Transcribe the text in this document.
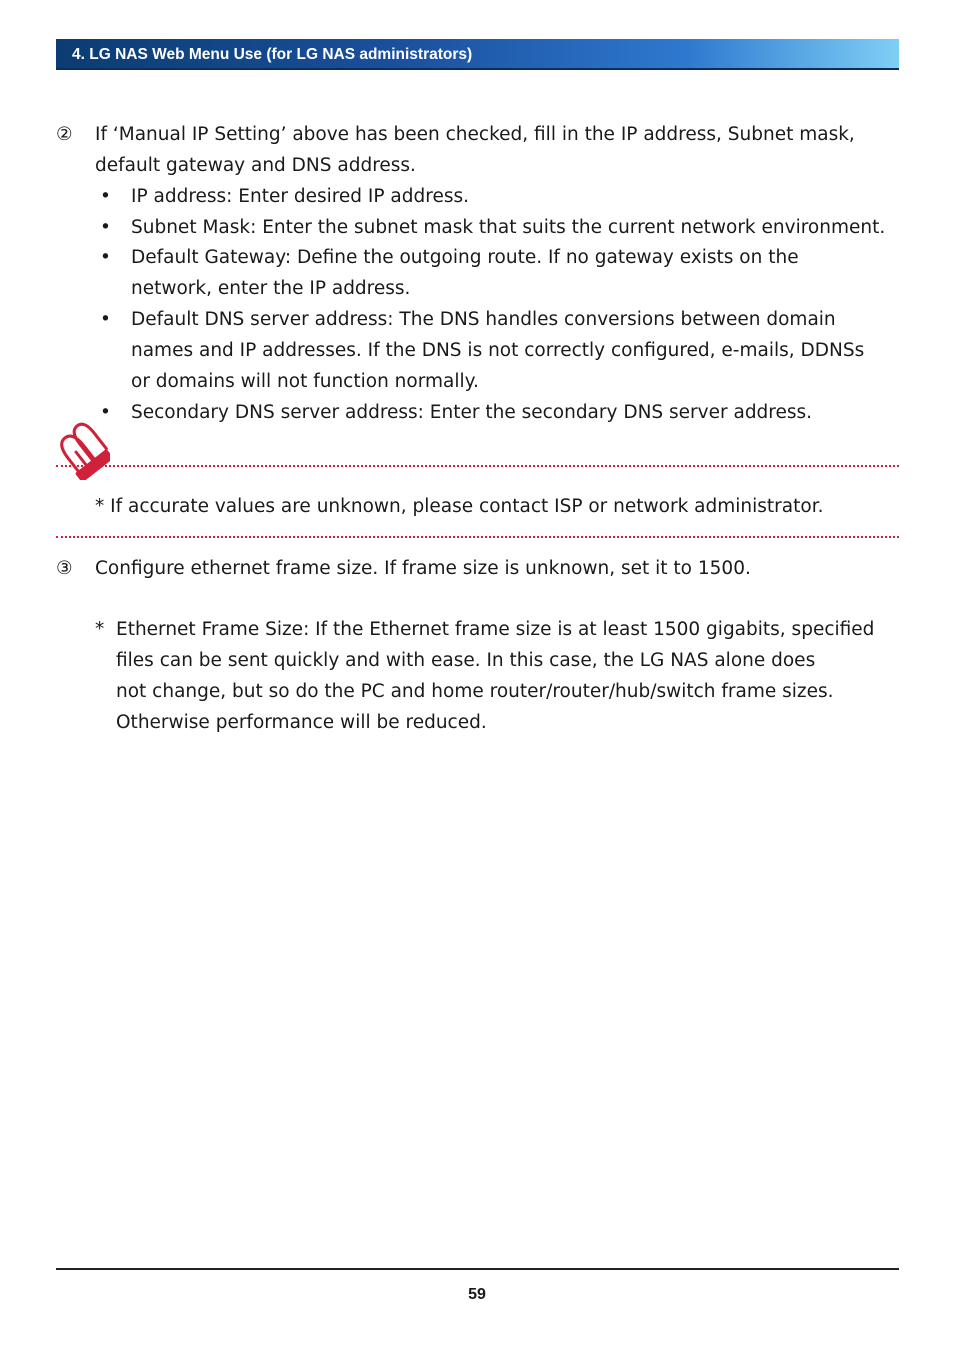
4. LG NAS Web Menu Use (for LG NAS administrators)
② If ‘Manual IP Setting’ above has been checked, fill in the IP address, Subnet mask,
default gateway and DNS address.
• IP address: Enter desired IP address.
• Subnet Mask: Enter the subnet mask that suits the current network environment.
• Default Gateway: Define the outgoing route. If no gateway exists on the
network, enter the IP address.
• Default DNS server address: The DNS handles conversions between domain
names and IP addresses. If the DNS is not correctly configured, e-mails, DDNSs
or domains will not function normally.
• Secondary DNS server address: Enter the secondary DNS server address.
* If accurate values are unknown, please contact ISP or network administrator.
③ Configure ethernet frame size. If frame size is unknown, set it to 1500.
* Ethernet Frame Size: If the Ethernet frame size is at least 1500 gigabits, specified
files can be sent quickly and with ease. In this case, the LG NAS alone does
not change, but so do the PC and home router/router/hub/switch frame sizes.
Otherwise performance will be reduced.
59
